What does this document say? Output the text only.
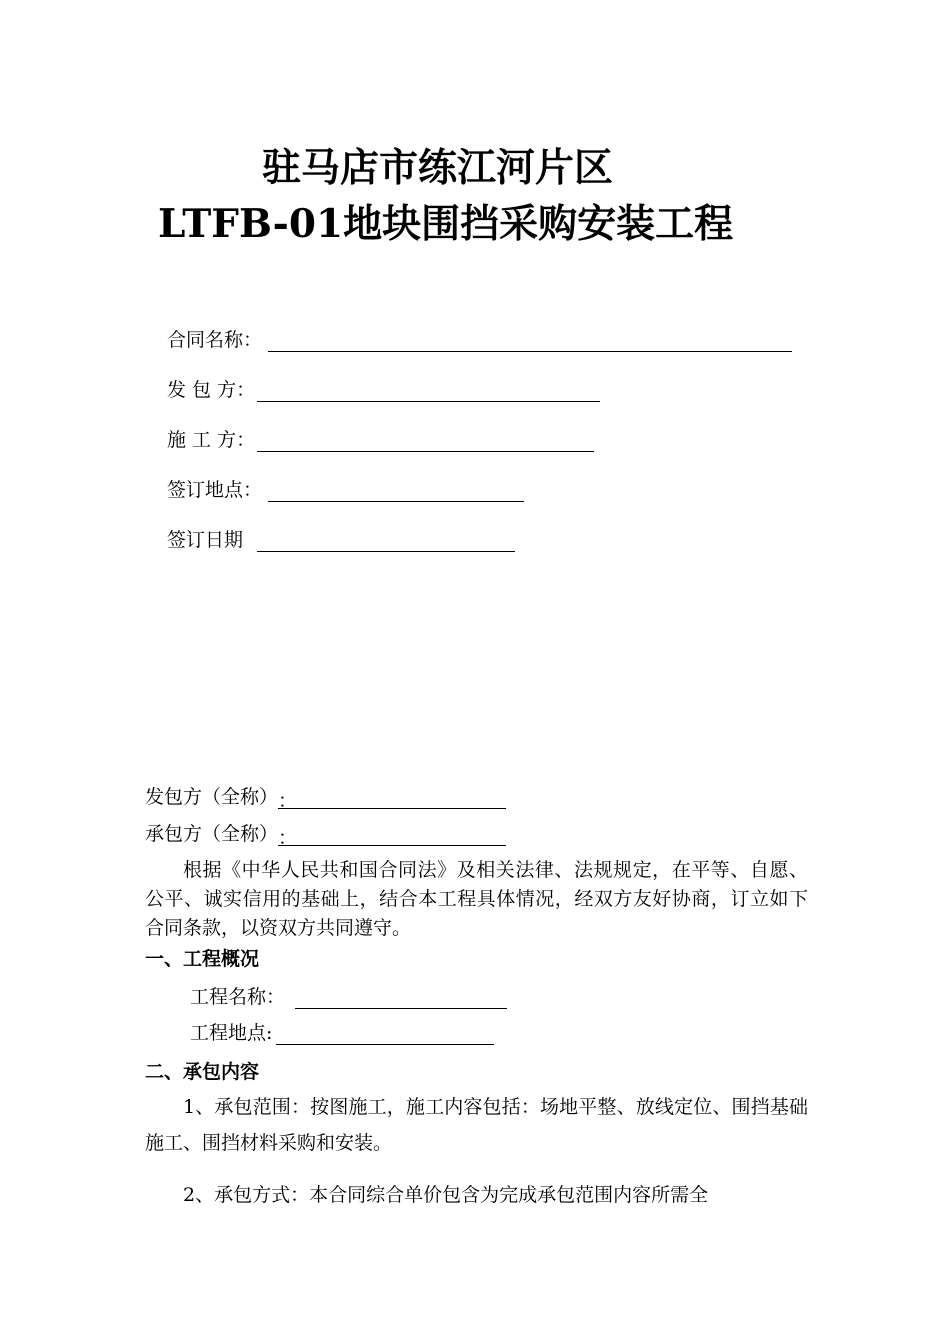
驻马店市练江河片区
LTFB-01地块围挡采购安装工程
合同名称：
发 包 方：
施 工 方：
签订地点：
签订日期
发包方（全称） ：
承包方（全称） ：
根据《中华人民共和国合同法》及相关法律、法规规定，在平等、自愿、公平、诚实信用的基础上，结合本工程具体情况，经双方友好协商，订立如下合同条款，以资双方共同遵守。
一、工程概况
工程名称：
工程地点:
二、承包内容
1、承包范围：按图施工，施工内容包括：场地平整、放线定位、围挡基础施工、围挡材料采购和安装。
2、承包方式：本合同综合单价包含为完成承包范围内容所需全
